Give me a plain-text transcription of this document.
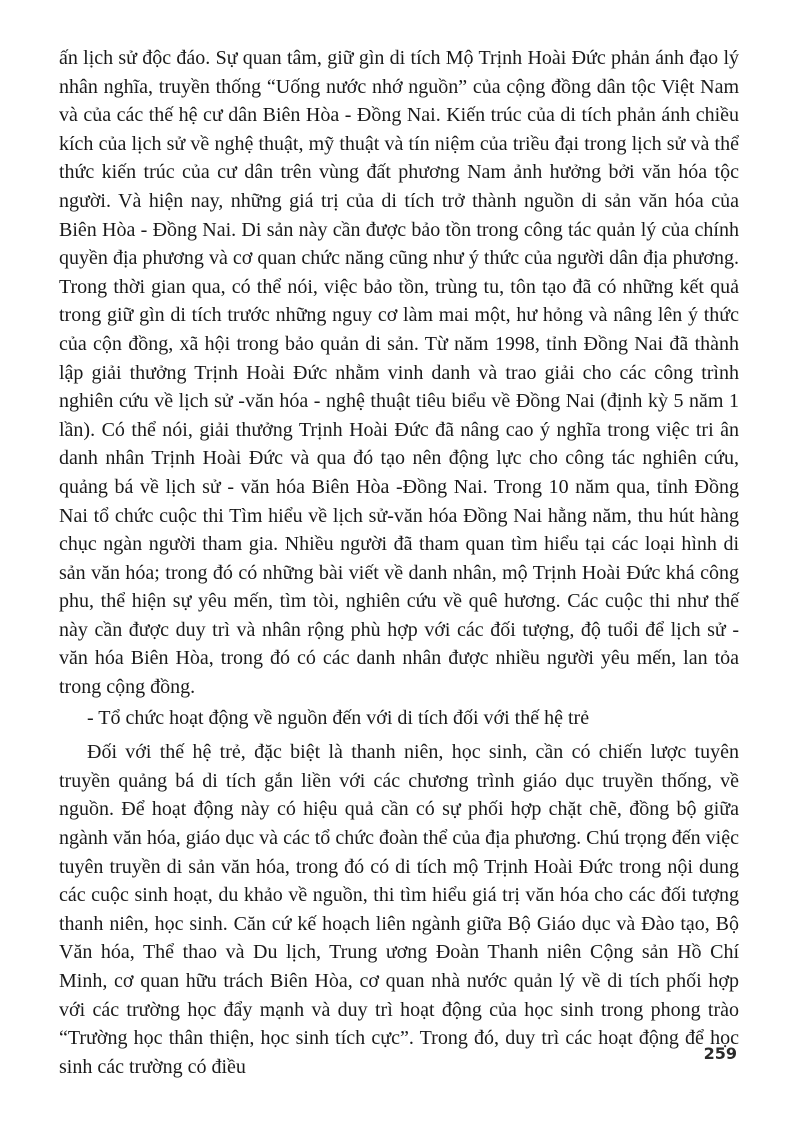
ấn lịch sử độc đáo. Sự quan tâm, giữ gìn di tích Mộ Trịnh Hoài Đức phản ánh đạo lý nhân nghĩa, truyền thống “Uống nước nhớ nguồn” của cộng đồng dân tộc Việt Nam và của các thế hệ cư dân Biên Hòa - Đồng Nai. Kiến trúc của di tích phản ánh chiều kích của lịch sử về nghệ thuật, mỹ thuật và tín niệm của triều đại trong lịch sử và thể thức kiến trúc của cư dân trên vùng đất phương Nam ảnh hưởng bởi văn hóa tộc người. Và hiện nay, những giá trị của di tích trở thành nguồn di sản văn hóa của Biên Hòa - Đồng Nai. Di sản này cần được bảo tồn trong công tác quản lý của chính quyền địa phương và cơ quan chức năng cũng như ý thức của người dân địa phương. Trong thời gian qua, có thể nói, việc bảo tồn, trùng tu, tôn tạo đã có những kết quả trong giữ gìn di tích trước những nguy cơ làm mai một, hư hỏng và nâng lên ý thức của cộn đồng, xã hội trong bảo quản di sản. Từ năm 1998, tỉnh Đồng Nai đã thành lập giải thưởng Trịnh Hoài Đức nhằm vinh danh và trao giải cho các công trình nghiên cứu về lịch sử -văn hóa - nghệ thuật tiêu biểu về Đồng Nai (định kỳ 5 năm 1 lần). Có thể nói, giải thưởng Trịnh Hoài Đức đã nâng cao ý nghĩa trong việc tri ân danh nhân Trịnh Hoài Đức và qua đó tạo nên động lực cho công tác nghiên cứu, quảng bá về lịch sử - văn hóa Biên Hòa -Đồng Nai. Trong 10 năm qua, tỉnh Đồng Nai tổ chức cuộc thi Tìm hiểu về lịch sử-văn hóa Đồng Nai hằng năm, thu hút hàng chục ngàn người tham gia. Nhiều người đã tham quan tìm hiểu tại các loại hình di sản văn hóa; trong đó có những bài viết về danh nhân, mộ Trịnh Hoài Đức khá công phu, thể hiện sự yêu mến, tìm tòi, nghiên cứu về quê hương. Các cuộc thi như thế này cần được duy trì và nhân rộng phù hợp với các đối tượng, độ tuổi để lịch sử - văn hóa Biên Hòa, trong đó có các danh nhân được nhiều người yêu mến, lan tỏa trong cộng đồng.

- Tổ chức hoạt động về nguồn đến với di tích đối với thế hệ trẻ

Đối với thế hệ trẻ, đặc biệt là thanh niên, học sinh, cần có chiến lược tuyên truyền quảng bá di tích gắn liền với các chương trình giáo dục truyền thống, về nguồn. Để hoạt động này có hiệu quả cần có sự phối hợp chặt chẽ, đồng bộ giữa ngành văn hóa, giáo dục và các tổ chức đoàn thể của địa phương. Chú trọng đến việc tuyên truyền di sản văn hóa, trong đó có di tích mộ Trịnh Hoài Đức trong nội dung các cuộc sinh hoạt, du khảo về nguồn, thi tìm hiểu giá trị văn hóa cho các đối tượng thanh niên, học sinh. Căn cứ kế hoạch liên ngành giữa Bộ Giáo dục và Đào tạo, Bộ Văn hóa, Thể thao và Du lịch, Trung ương Đoàn Thanh niên Cộng sản Hồ Chí Minh, cơ quan hữu trách Biên Hòa, cơ quan nhà nước quản lý về di tích phối hợp với các trường học đẩy mạnh và duy trì hoạt động của học sinh trong phong trào “Trường học thân thiện, học sinh tích cực”. Trong đó, duy trì các hoạt động để học sinh các trường có điều

259
